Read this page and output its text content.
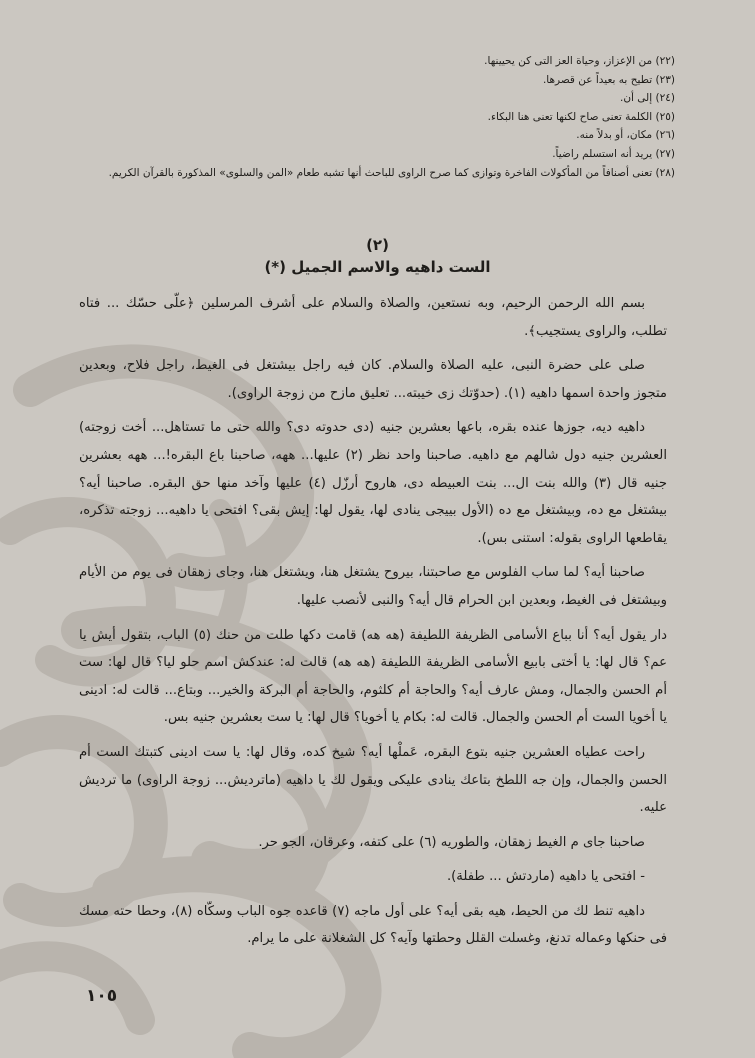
(٢٢) من الإعزاز، وحياة العز التى كن يحيينها.
(٢٣) تطيح به بعيداً عن قصرها.
(٢٤) إلى أن.
(٢٥) الكلمة تعنى صاح لكنها تعنى هنا البكاء.
(٢٦) مكان، أو بدلاً منه.
(٢٧) يريد أنه استسلم راضياً.
(٢٨) تعنى أصنافاً من المأكولات الفاخرة وتوازى كما صرح الراوى للباحث أنها تشبه طعام «المن والسلوى» المذكورة بالقرآن الكريم.
(٢)
الست داهيه والاسم الجميل (*)

بسم الله الرحمن الرحيم، وبه نستعين، والصلاة والسلام على أشرف المرسلين ﴿علّى حسّك ... فتاه تطلب، والراوى يستجيب﴾.

صلى على حضرة النبى، عليه الصلاة والسلام. كان فيه راجل بيشتغل فى الغيط، راجل فلاح، وبعدين متجوز واحدة اسمها داهيه (١). (حدوّتك زى خيبته... تعليق مازح من زوجة الراوى).

داهيه ديه، جوزها عنده بقره، باعها بعشرين جنيه (دى حدوته دى؟ والله حتى ما تستاهل... أخت زوجته) العشرين جنيه دول شالهم مع داهيه. صاحبنا واحد نظر (٢) عليها... ههه، صاحبنا باع البقره!... ههه بعشرين جنيه قال (٣) والله بنت ال... بنت العبيطه دى، هاروح أرزّل (٤) عليها وآخد منها حق البقره. صاحبنا أيه؟ بيشتغل مع ده، وبيشتغل مع ده (الأول بييجى ينادى لها، يقول لها: إيش بقى؟ افتحى يا داهيه... زوجته تذكره، يقاطعها الراوى بقوله: استنى بس).

صاحبنا أيه؟ لما ساب الفلوس مع صاحبتنا، بيروح يشتغل هنا، ويشتغل هنا، وجاى زهقان فى يوم من الأيام وبيشتغل فى الغيط، وبعدين ابن الحرام قال أيه؟ والنبى لأنصب عليها.

دار يقول أيه؟ أنا بباع الأسامى الظريفة اللطيفة (هه هه) قامت دكها طلت من حنك (٥) الباب، بتقول أيش يا عم؟ قال لها: يا أختى بابيع الأسامى الظريفة اللطيفة (هه هه) قالت له: عندكش اسم حلو ليا؟ قال لها: ست أم الحسن والجمال، ومش عارف أيه؟ والحاجة أم كلثوم، والحاجة أم البركة والخير... وبتاع... قالت له: ادينى يا أخويا الست أم الحسن والجمال. قالت له: بكام يا أخويا؟ قال لها: يا ست بعشرين جنيه بس.

راحت عطياه العشرين جنيه بتوع البقره، عَملْها أيه؟ شيخ كده، وقال لها: يا ست ادينى كتبتك الست أم الحسن والجمال، وإن جه اللطخ بتاعك ينادى عليكى ويقول لك يا داهيه (ماترديش... زوجة الراوى) ما ترديش عليه.

صاحبنا جاى م الغيط زهقان، والطوريه (٦) على كتفه، وعرقان، الجو حر.

- افتحى يا داهيه (ماردتش ... طفلة).

داهيه تنط لك من الحيط، هيه بقى أيه؟ على أول ماجه (٧) قاعده جوه الباب وسكّاه (٨)، وحطا حته مسك فى حنكها وعماله تدنغ، وغسلت القلل وحطتها وآيه؟ كل الشغلانة على ما يرام.

١٠٥
